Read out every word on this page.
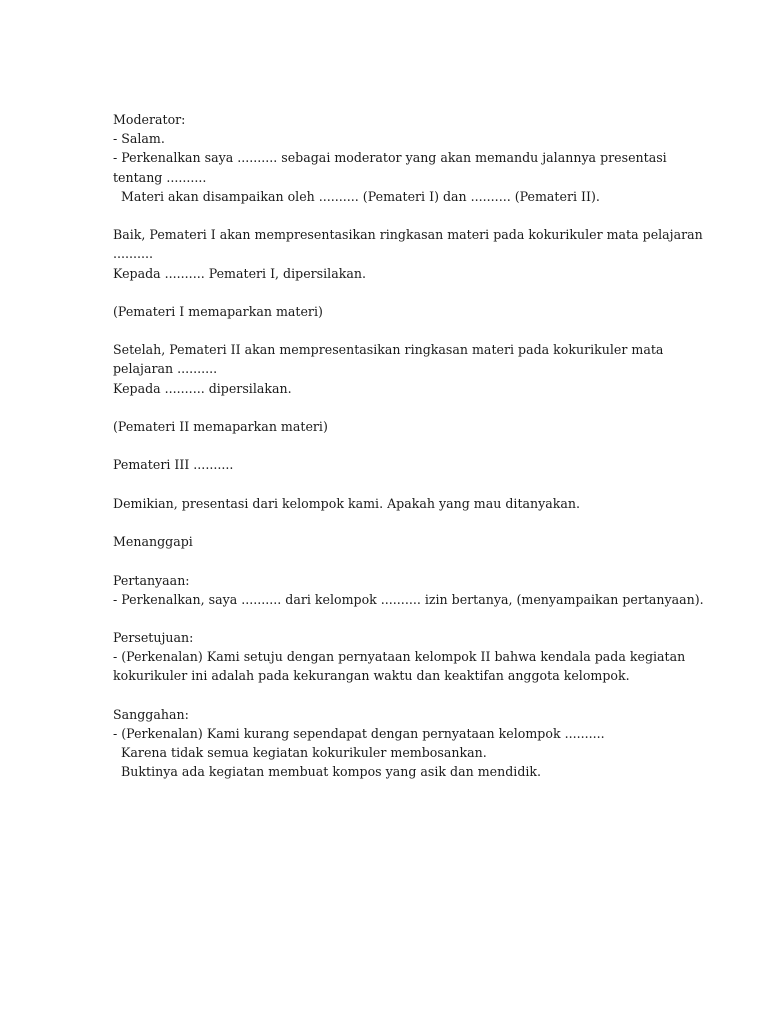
Moderator:
- Salam.
- Perkenalkan saya .......... sebagai moderator yang akan memandu jalannya presentasi
tentang ..........
Materi akan disampaikan oleh .......... (Pemateri I) dan .......... (Pemateri II).
Baik, Pemateri I akan mempresentasikan ringkasan materi pada kokurikuler mata pelajaran
..........
Kepada .......... Pemateri I, dipersilakan.
(Pemateri I memaparkan materi)
Setelah, Pemateri II akan mempresentasikan ringkasan materi pada kokurikuler mata
pelajaran ..........
Kepada .......... dipersilakan.
(Pemateri II memaparkan materi)
Pemateri III ..........
Demikian, presentasi dari kelompok kami. Apakah yang mau ditanyakan.
Menanggapi
Pertanyaan:
- Perkenalkan, saya .......... dari kelompok .......... izin bertanya, (menyampaikan pertanyaan).
Persetujuan:
- (Perkenalan) Kami setuju dengan pernyataan kelompok II bahwa kendala pada kegiatan
kokurikuler ini adalah pada kekurangan waktu dan keaktifan anggota kelompok.
Sanggahan:
- (Perkenalan) Kami kurang sependapat dengan pernyataan kelompok ..........
Karena tidak semua kegiatan kokurikuler membosankan.
Buktinya ada kegiatan membuat kompos yang asik dan mendidik.
